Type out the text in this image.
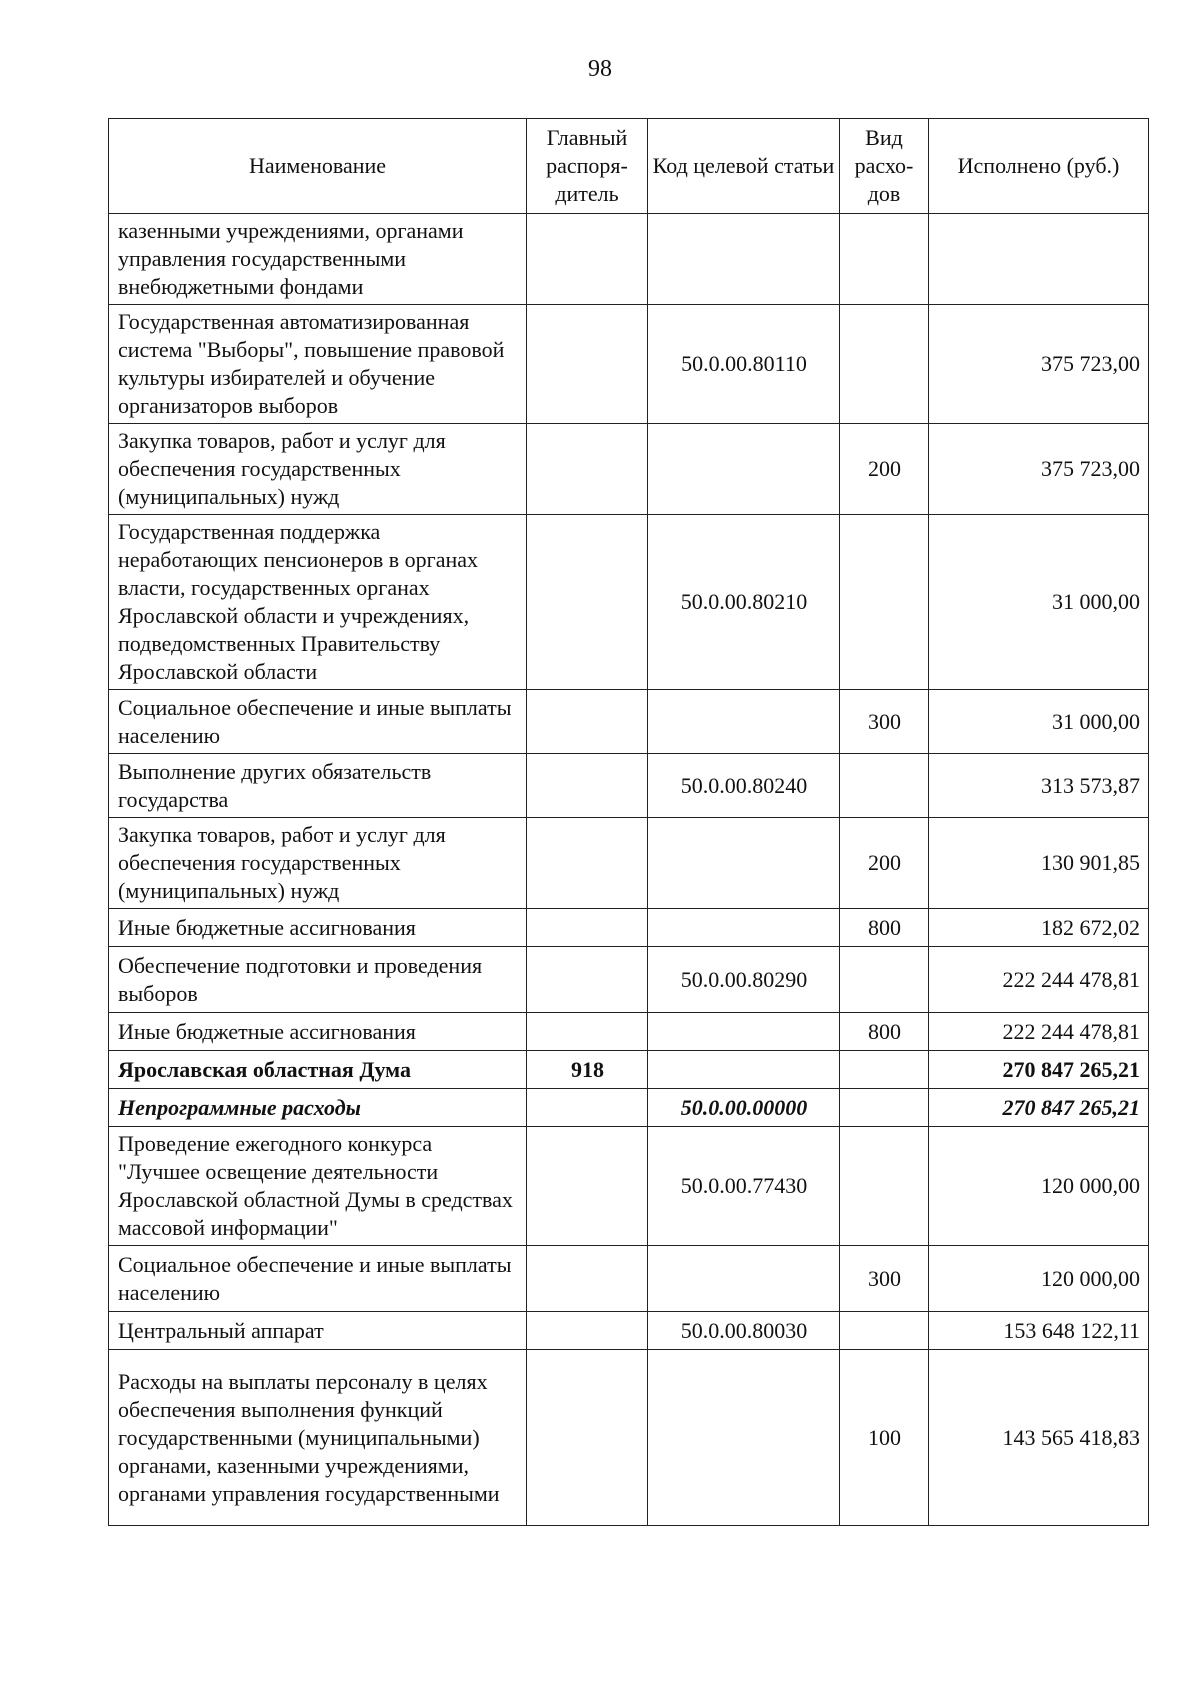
98
Наименование	Главный распоря-дитель	Код целевой статьи	Вид расхо-дов	Исполнено (руб.)
казенными учреждениями, органами управления государственными внебюджетными фондами				
Государственная автоматизированная система "Выборы", повышение правовой культуры избирателей и обучение организаторов выборов		50.0.00.80110		375 723,00
Закупка товаров, работ и услуг для обеспечения государственных (муниципальных) нужд			200	375 723,00
Государственная поддержка неработающих пенсионеров в органах власти, государственных органах Ярославской области и учреждениях, подведомственных Правительству Ярославской области		50.0.00.80210		31 000,00
Социальное обеспечение и иные выплаты населению			300	31 000,00
Выполнение других обязательств государства		50.0.00.80240		313 573,87
Закупка товаров, работ и услуг для обеспечения государственных (муниципальных) нужд			200	130 901,85
Иные бюджетные ассигнования			800	182 672,02
Обеспечение подготовки и проведения выборов		50.0.00.80290		222 244 478,81
Иные бюджетные ассигнования			800	222 244 478,81
Ярославская областная Дума	918			270 847 265,21
Непрограммные расходы		50.0.00.00000		270 847 265,21
Проведение ежегодного конкурса "Лучшее освещение деятельности Ярославской областной Думы в средствах массовой информации"		50.0.00.77430		120 000,00
Социальное обеспечение и иные выплаты населению			300	120 000,00
Центральный аппарат		50.0.00.80030		153 648 122,11
Расходы на выплаты персоналу в целях обеспечения выполнения функций государственными (муниципальными) органами, казенными учреждениями, органами управления государственными			100	143 565 418,83
